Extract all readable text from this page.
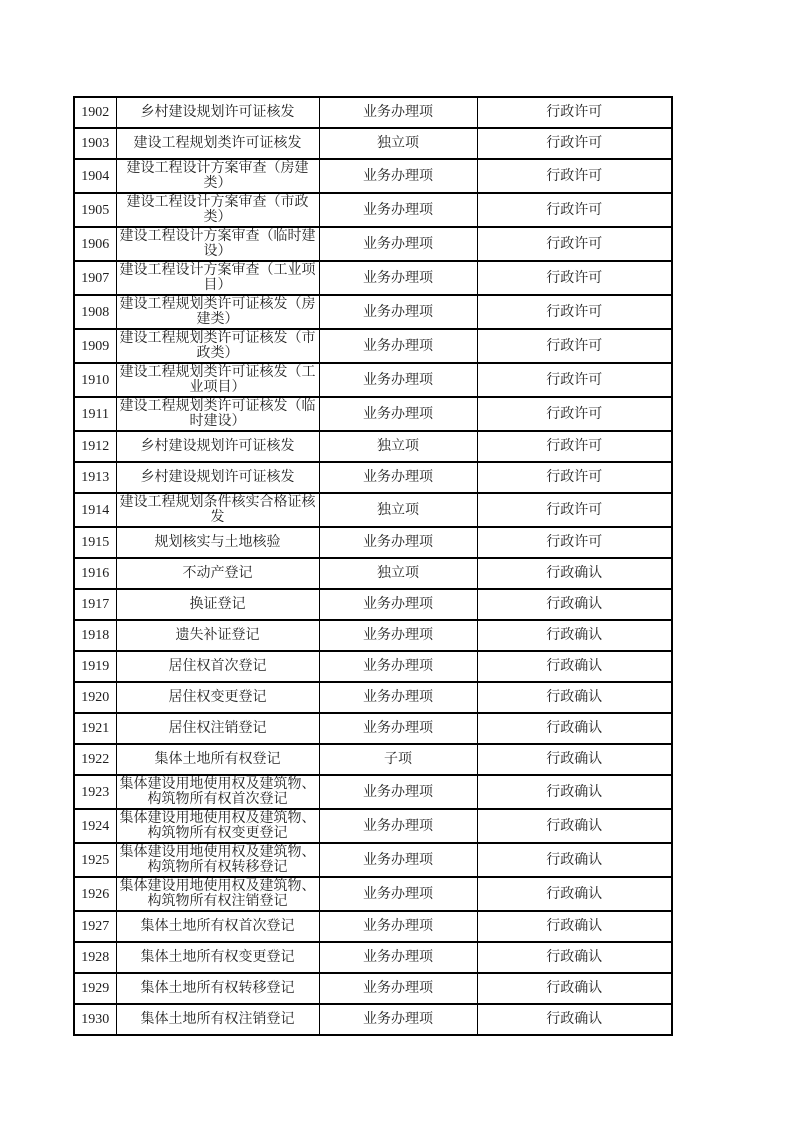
1902	乡村建设规划许可证核发	业务办理项	行政许可
1903	建设工程规划类许可证核发	独立项	行政许可
1904	建设工程设计方案审查（房建类）	业务办理项	行政许可
1905	建设工程设计方案审查（市政类）	业务办理项	行政许可
1906	建设工程设计方案审查（临时建设）	业务办理项	行政许可
1907	建设工程设计方案审查（工业项目）	业务办理项	行政许可
1908	建设工程规划类许可证核发（房建类）	业务办理项	行政许可
1909	建设工程规划类许可证核发（市政类）	业务办理项	行政许可
1910	建设工程规划类许可证核发（工业项目）	业务办理项	行政许可
1911	建设工程规划类许可证核发（临时建设）	业务办理项	行政许可
1912	乡村建设规划许可证核发	独立项	行政许可
1913	乡村建设规划许可证核发	业务办理项	行政许可
1914	建设工程规划条件核实合格证核发	独立项	行政许可
1915	规划核实与土地核验	业务办理项	行政许可
1916	不动产登记	独立项	行政确认
1917	换证登记	业务办理项	行政确认
1918	遗失补证登记	业务办理项	行政确认
1919	居住权首次登记	业务办理项	行政确认
1920	居住权变更登记	业务办理项	行政确认
1921	居住权注销登记	业务办理项	行政确认
1922	集体土地所有权登记	子项	行政确认
1923	集体建设用地使用权及建筑物、构筑物所有权首次登记	业务办理项	行政确认
1924	集体建设用地使用权及建筑物、构筑物所有权变更登记	业务办理项	行政确认
1925	集体建设用地使用权及建筑物、构筑物所有权转移登记	业务办理项	行政确认
1926	集体建设用地使用权及建筑物、构筑物所有权注销登记	业务办理项	行政确认
1927	集体土地所有权首次登记	业务办理项	行政确认
1928	集体土地所有权变更登记	业务办理项	行政确认
1929	集体土地所有权转移登记	业务办理项	行政确认
1930	集体土地所有权注销登记	业务办理项	行政确认
